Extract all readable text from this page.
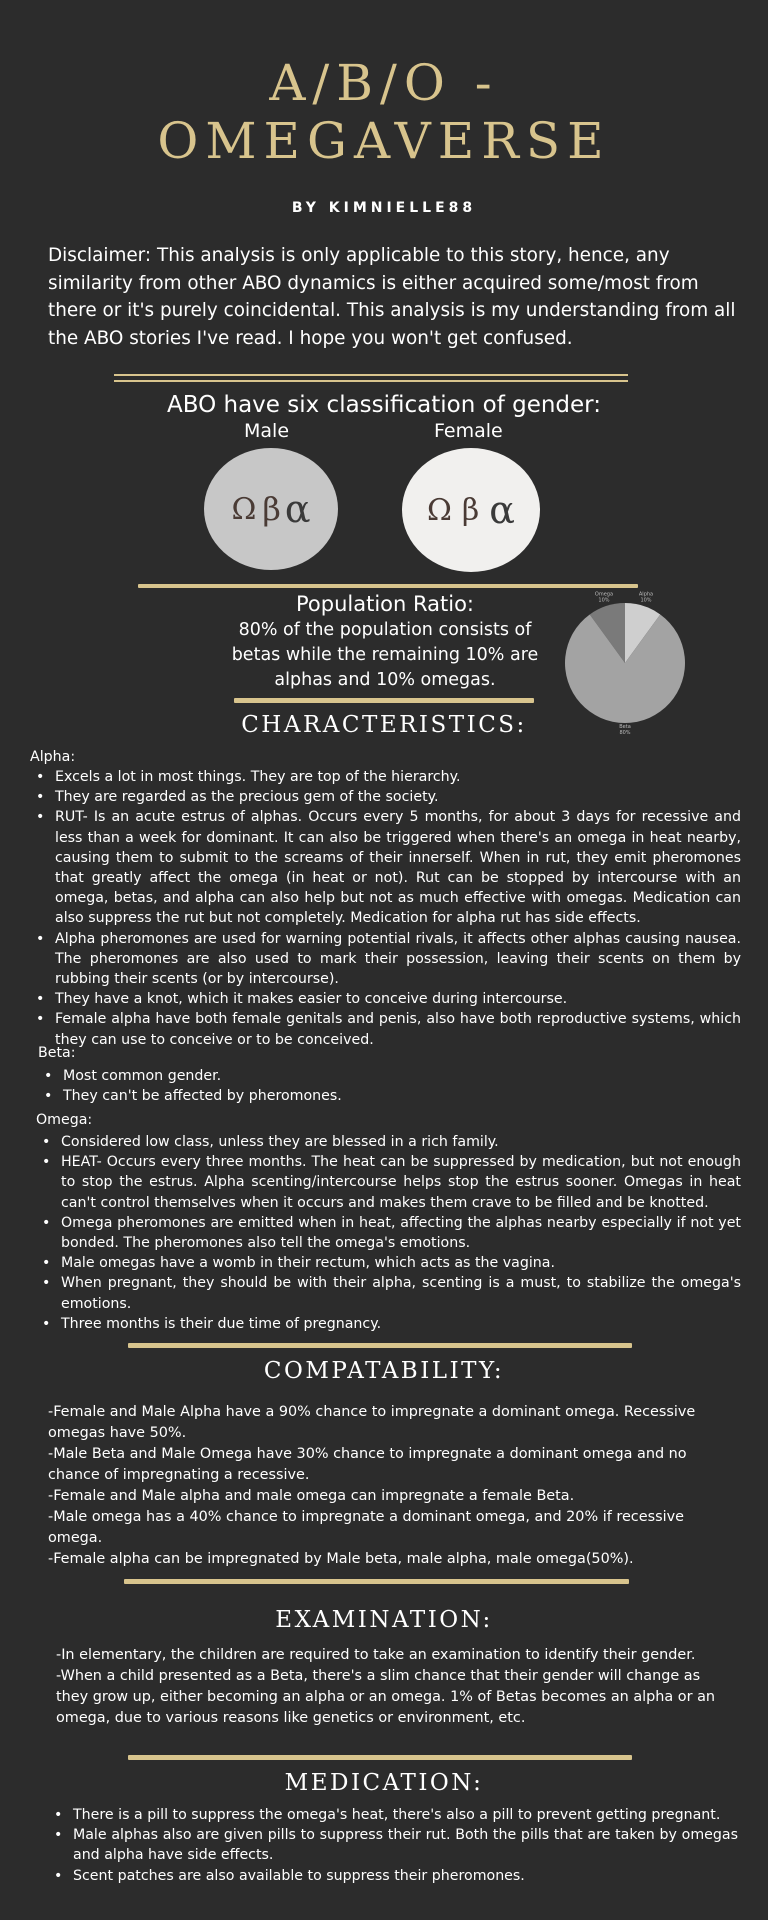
A/B/O -
OMEGAVERSE
BY KIMNIELLE88
Disclaimer: This analysis is only applicable to this story, hence, any similarity from other ABO dynamics is either acquired some/most from there or it's purely coincidental. This analysis is my understanding from all the ABO stories I've read. I hope you won't get confused.
ABO have six classification of gender:
Male	Female
Ω β α	Ω β α
Population Ratio:
80% of the population consists of betas while the remaining 10% are alphas and 10% omegas.
Omega
10%
Alpha
10%
Beta
80%
CHARACTERISTICS:
Alpha:
• Excels a lot in most things. They are top of the hierarchy.
• They are regarded as the precious gem of the society.
• RUT- Is an acute estrus of alphas. Occurs every 5 months, for about 3 days for recessive and less than a week for dominant. It can also be triggered when there's an omega in heat nearby, causing them to submit to the screams of their innerself. When in rut, they emit pheromones that greatly affect the omega (in heat or not). Rut can be stopped by intercourse with an omega, betas, and alpha can also help but not as much effective with omegas. Medication can also suppress the rut but not completely. Medication for alpha rut has side effects.
• Alpha pheromones are used for warning potential rivals, it affects other alphas causing nausea. The pheromones are also used to mark their possession, leaving their scents on them by rubbing their scents (or by intercourse).
• They have a knot, which it makes easier to conceive during intercourse.
• Female alpha have both female genitals and penis, also have both reproductive systems, which they can use to conceive or to be conceived.
Beta:
• Most common gender.
• They can't be affected by pheromones.
Omega:
• Considered low class, unless they are blessed in a rich family.
• HEAT- Occurs every three months. The heat can be suppressed by medication, but not enough to stop the estrus. Alpha scenting/intercourse helps stop the estrus sooner. Omegas in heat can't control themselves when it occurs and makes them crave to be filled and be knotted.
• Omega pheromones are emitted when in heat, affecting the alphas nearby especially if not yet bonded. The pheromones also tell the omega's emotions.
• Male omegas have a womb in their rectum, which acts as the vagina.
• When pregnant, they should be with their alpha, scenting is a must, to stabilize the omega's emotions.
• Three months is their due time of pregnancy.
COMPATABILITY:
-Female and Male Alpha have a 90% chance to impregnate a dominant omega. Recessive omegas have 50%.
-Male Beta and Male Omega have 30% chance to impregnate a dominant omega and no chance of impregnating a recessive.
-Female and Male alpha and male omega can impregnate a female Beta.
-Male omega has a 40% chance to impregnate a dominant omega, and 20% if recessive omega.
-Female alpha can be impregnated by Male beta, male alpha, male omega(50%).
EXAMINATION:
-In elementary, the children are required to take an examination to identify their gender.
-When a child presented as a Beta, there's a slim chance that their gender will change as they grow up, either becoming an alpha or an omega. 1% of Betas becomes an alpha or an omega, due to various reasons like genetics or environment, etc.
MEDICATION:
• There is a pill to suppress the omega's heat, there's also a pill to prevent getting pregnant.
• Male alphas also are given pills to suppress their rut. Both the pills that are taken by omegas and alpha have side effects.
• Scent patches are also available to suppress their pheromones.
